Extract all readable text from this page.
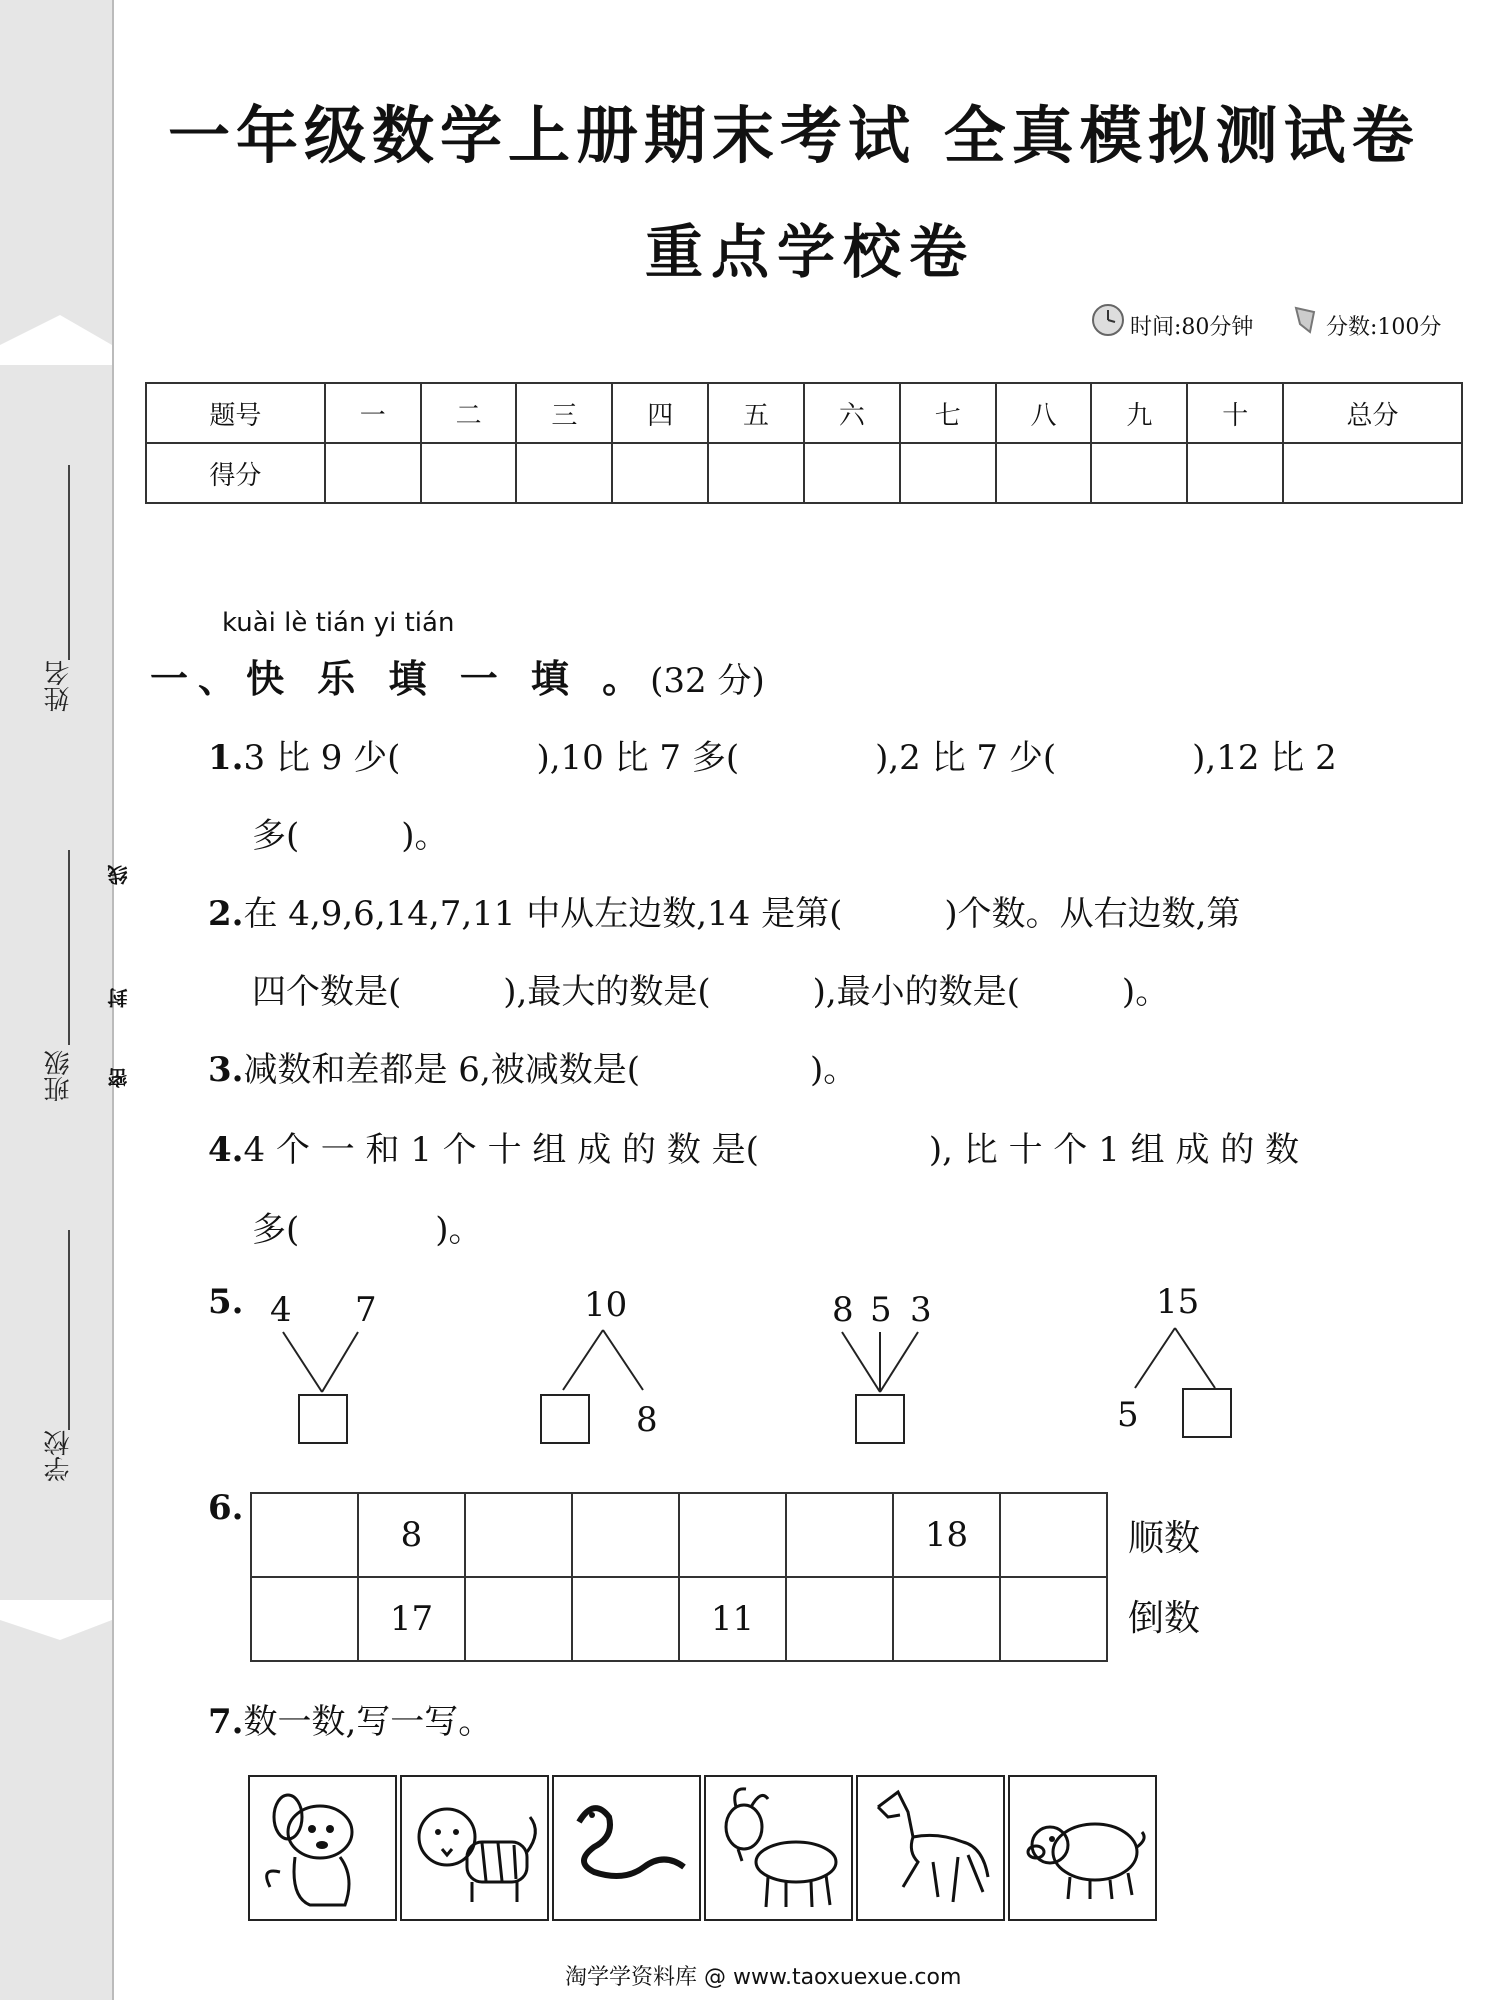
姓名
班级
学校
线
封
密
一年级数学上册期末考试 全真模拟测试卷
重点学校卷
时间:80分钟	分数:100分
题号	一	二	三	四	五	六	七	八	九	十	总分
得分											
kuài lè tián yi tián
一、快 乐 填 一 填 。(32 分)
1.3 比 9 少(　　　　),10 比 7 多(　　　　),2 比 7 少(　　　　),12 比 2
多(　　　)。
2.在 4,9,6,14,7,11 中从左边数,14 是第(　　　)个数。从右边数,第
四个数是(　　　),最大的数是(　　　),最小的数是(　　　)。
3.减数和差都是 6,被减数是(　　　　　)。
4.4 个 一 和 1 个 十 组 成 的 数 是(　　　　　), 比 十 个 1 组 成 的 数
多(　　　　)。
5. 4 7	10
8
8 5 3	15
5
6.
	8					18	
	17			11			
顺数
倒数
7.数一数,写一写。
淘学学资料库 @ www.taoxuexue.com
